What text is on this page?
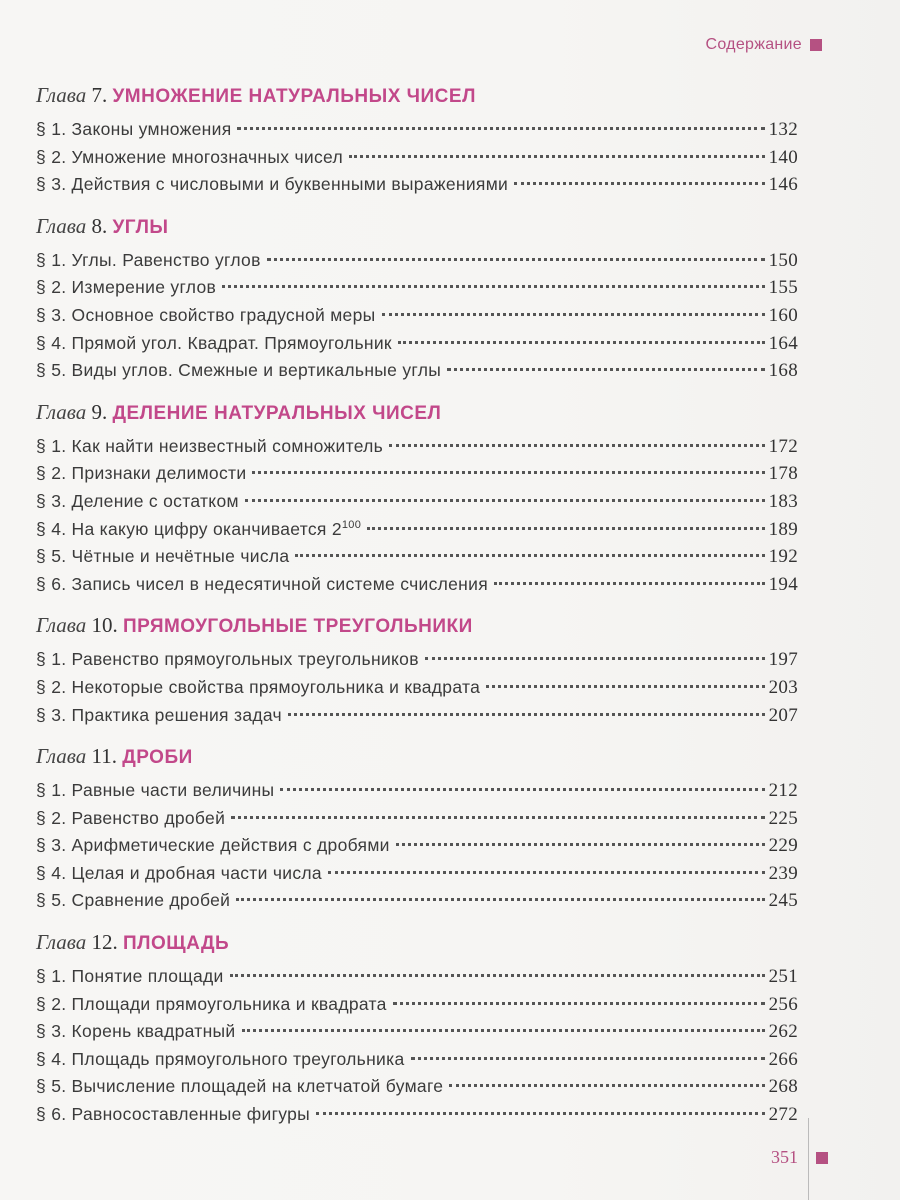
Содержание
Глава 7. УМНОЖЕНИЕ НАТУРАЛЬНЫХ ЧИСЕЛ
§ 1. Законы умножения	132
§ 2. Умножение многозначных чисел	140
§ 3. Действия с числовыми и буквенными выражениями	146
Глава 8. УГЛЫ
§ 1. Углы. Равенство углов	150
§ 2. Измерение углов	155
§ 3. Основное свойство градусной меры	160
§ 4. Прямой угол. Квадрат. Прямоугольник	164
§ 5. Виды углов. Смежные и вертикальные углы	168
Глава 9. ДЕЛЕНИЕ НАТУРАЛЬНЫХ ЧИСЕЛ
§ 1. Как найти неизвестный сомножитель	172
§ 2. Признаки делимости	178
§ 3. Деление с остатком	183
§ 4. На какую цифру оканчивается $2^{100}$	189
§ 5. Чётные и нечётные числа	192
§ 6. Запись чисел в недесятичной системе счисления	194
Глава 10. ПРЯМОУГОЛЬНЫЕ ТРЕУГОЛЬНИКИ
§ 1. Равенство прямоугольных треугольников	197
§ 2. Некоторые свойства прямоугольника и квадрата	203
§ 3. Практика решения задач	207
Глава 11. ДРОБИ
§ 1. Равные части величины	212
§ 2. Равенство дробей	225
§ 3. Арифметические действия с дробями	229
§ 4. Целая и дробная части числа	239
§ 5. Сравнение дробей	245
Глава 12. ПЛОЩАДЬ
§ 1. Понятие площади	251
§ 2. Площади прямоугольника и квадрата	256
§ 3. Корень квадратный	262
§ 4. Площадь прямоугольного треугольника	266
§ 5. Вычисление площадей на клетчатой бумаге	268
§ 6. Равносоставленные фигуры	272
351
